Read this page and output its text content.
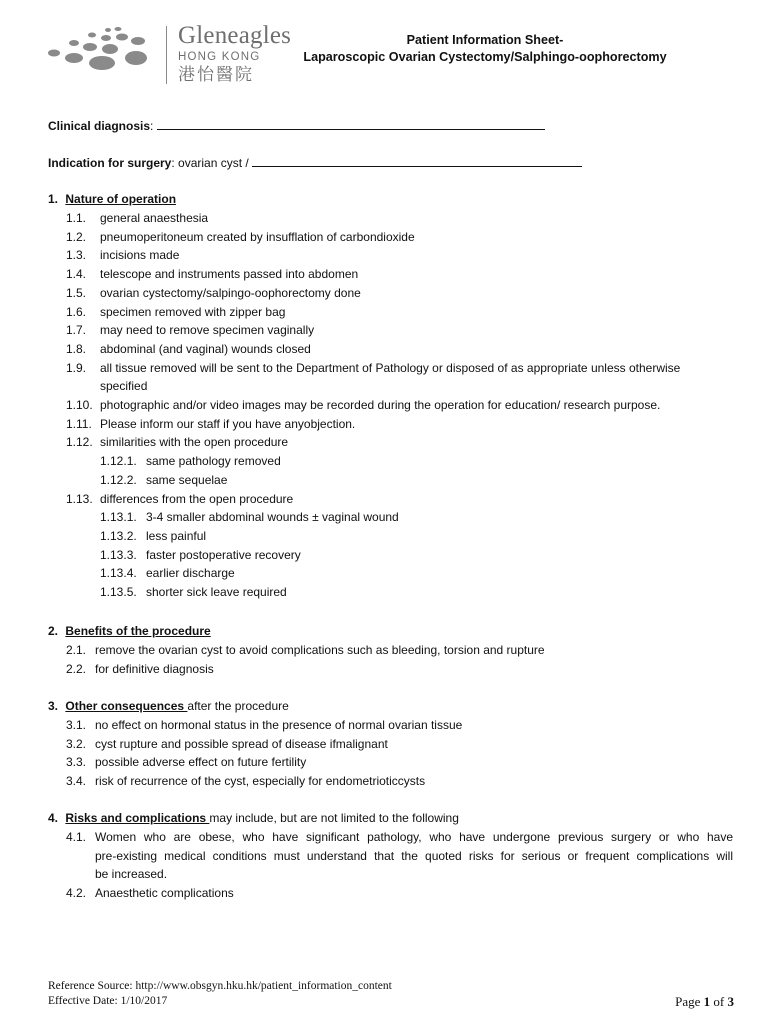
Gleneagles
HONG KONG
港怡醫院
Patient Information Sheet-
Laparoscopic Ovarian Cystectomy/Salphingo-oophorectomy
Clinical diagnosis:
Indication for surgery: ovarian cyst /
1. Nature of operation
1.1. general anaesthesia
1.2. pneumoperitoneum created by insufflation of carbondioxide
1.3. incisions made
1.4. telescope and instruments passed into abdomen
1.5. ovarian cystectomy/salpingo-oophorectomy done
1.6. specimen removed with zipper bag
1.7. may need to remove specimen vaginally
1.8. abdominal (and vaginal) wounds closed
1.9. all tissue removed will be sent to the Department of Pathology or disposed of as appropriate unless otherwise
specified
1.10. photographic and/or video images may be recorded during the operation for education/ research purpose.
1.11. Please inform our staff if you have anyobjection.
1.12. similarities with the open procedure
1.12.1. same pathology removed
1.12.2. same sequelae
1.13. differences from the open procedure
1.13.1. 3-4 smaller abdominal wounds ± vaginal wound
1.13.2. less painful
1.13.3. faster postoperative recovery
1.13.4. earlier discharge
1.13.5. shorter sick leave required
2. Benefits of the procedure
2.1. remove the ovarian cyst to avoid complications such as bleeding, torsion and rupture
2.2. for definitive diagnosis
3. Other consequences after the procedure
3.1. no effect on hormonal status in the presence of normal ovarian tissue
3.2. cyst rupture and possible spread of disease ifmalignant
3.3. possible adverse effect on future fertility
3.4. risk of recurrence of the cyst, especially for endometrioticcysts
4. Risks and complications may include, but are not limited to the following
4.1. Women who are obese, who have significant pathology, who have undergone previous surgery or who have
pre-existing medical conditions must understand that the quoted risks for serious or frequent complications will
be increased.
4.2. Anaesthetic complications
Reference Source: http://www.obsgyn.hku.hk/patient_information_content
Effective Date: 1/10/2017	Page 1 of 3
